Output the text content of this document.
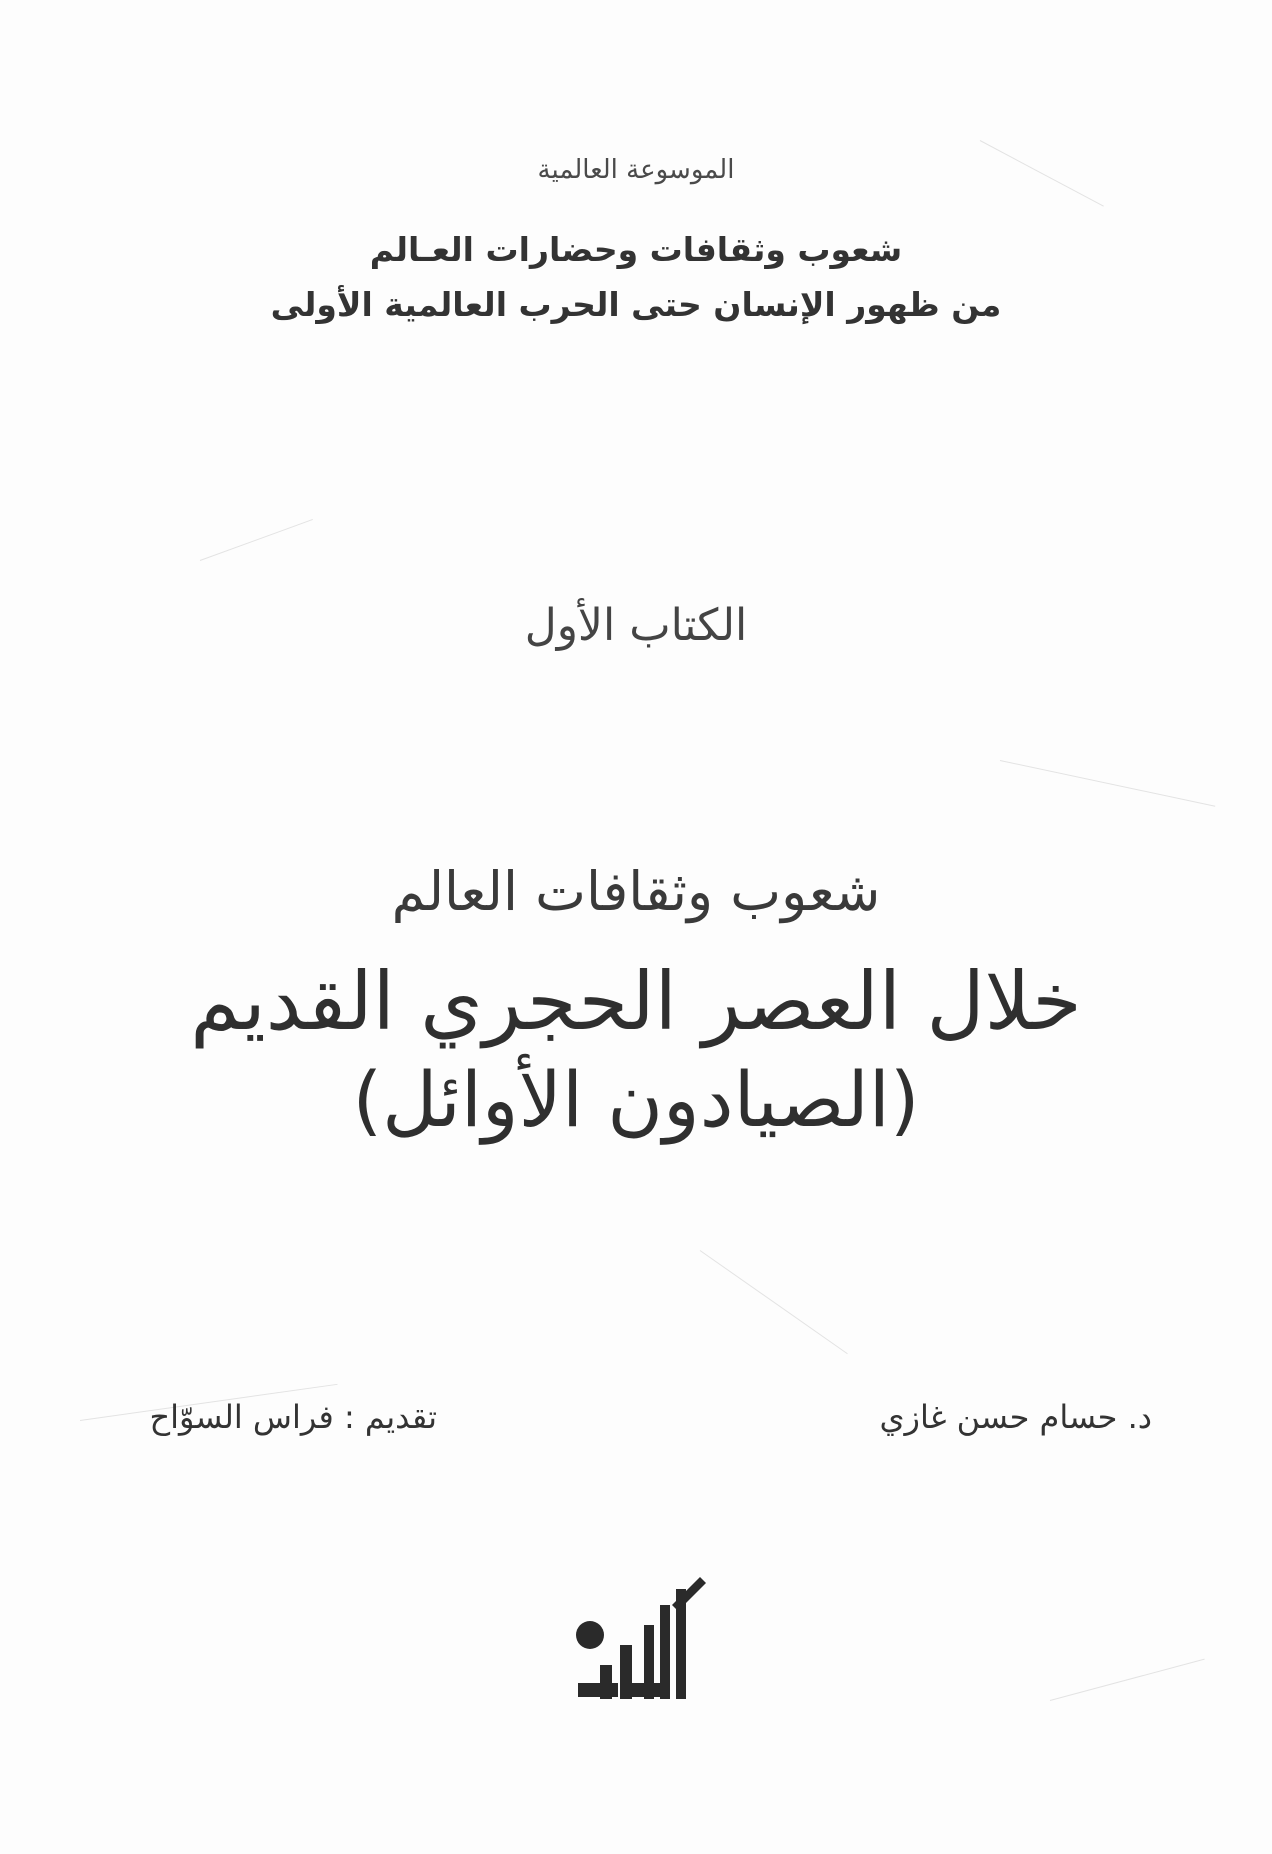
الموسوعة العالمية
شعوب وثقافات وحضارات العـالم
من ظهور الإنسان حتى الحرب العالمية الأولى
الكتاب الأول
شعوب وثقافات العالم
خلال العصر الحجري القديم
(الصيادون الأوائل)
د. حسام حسن غازي
تقديم : فراس السوّاح
